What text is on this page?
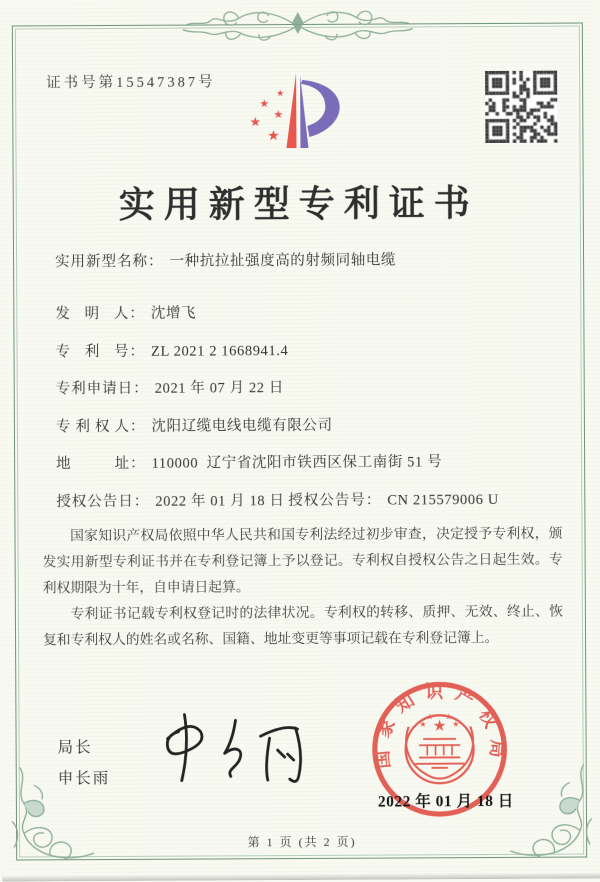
证书号第15547387号
★
★
★
★
★
实用新型专利证书
实用新型名称： 一种抗拉扯强度高的射频同轴电缆
发明人： 沈增飞
专利号： ZL 2021 2 1668941.4
专利申请日： 2021 年 07 月 22 日
专利权人： 沈阳辽缆电线电缆有限公司
地址： 110000  辽宁省沈阳市铁西区保工南街 51 号
授权公告日： 2022 年 01 月 18 日 授权公告号： CN 215579006 U

国家知识产权局依照中华人民共和国专利法经过初步审查，决定授予专利权，颁发实用新型专利证书并在专利登记簿上予以登记。专利权自授权公告之日起生效。专利权期限为十年，自申请日起算。

专利证书记载专利权登记时的法律状况。专利权的转移、质押、无效、终止、恢复和专利权人的姓名或名称、国籍、地址变更等事项记载在专利登记簿上。

局长
申长雨
2022 年 01 月 18 日
国家知识产权局
★
★
★ ★
★
第 1 页 (共 2 页)
